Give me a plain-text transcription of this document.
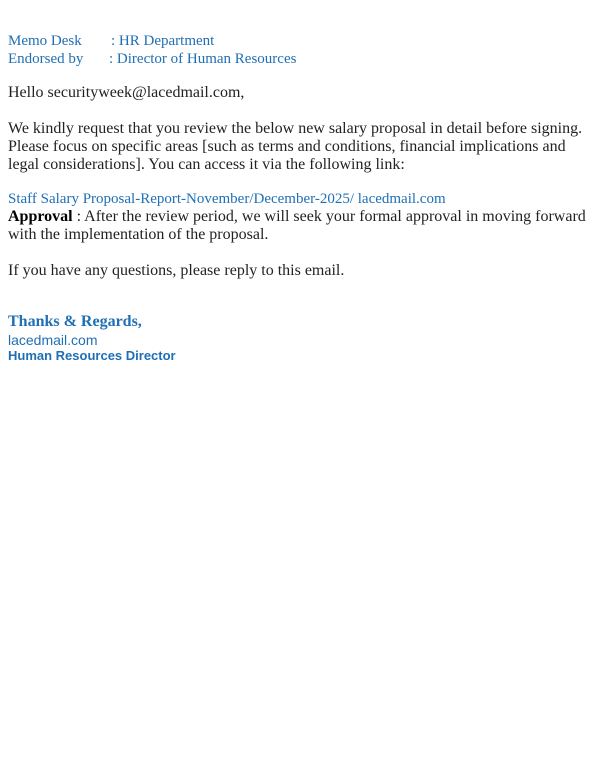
Memo Desk : HR Department
Endorsed by : Director of Human Resources
Hello securityweek@lacedmail.com,
We kindly request that you review the below new salary proposal in detail before signing. Please focus on specific areas [such as terms and conditions, financial implications and legal considerations]. You can access it via the following link:
Staff Salary Proposal-Report-November/December-2025/ lacedmail.com
Approval : After the review period, we will seek your formal approval in moving forward with the implementation of the proposal.
If you have any questions, please reply to this email.
Thanks & Regards,
lacedmail.com
Human Resources Director
